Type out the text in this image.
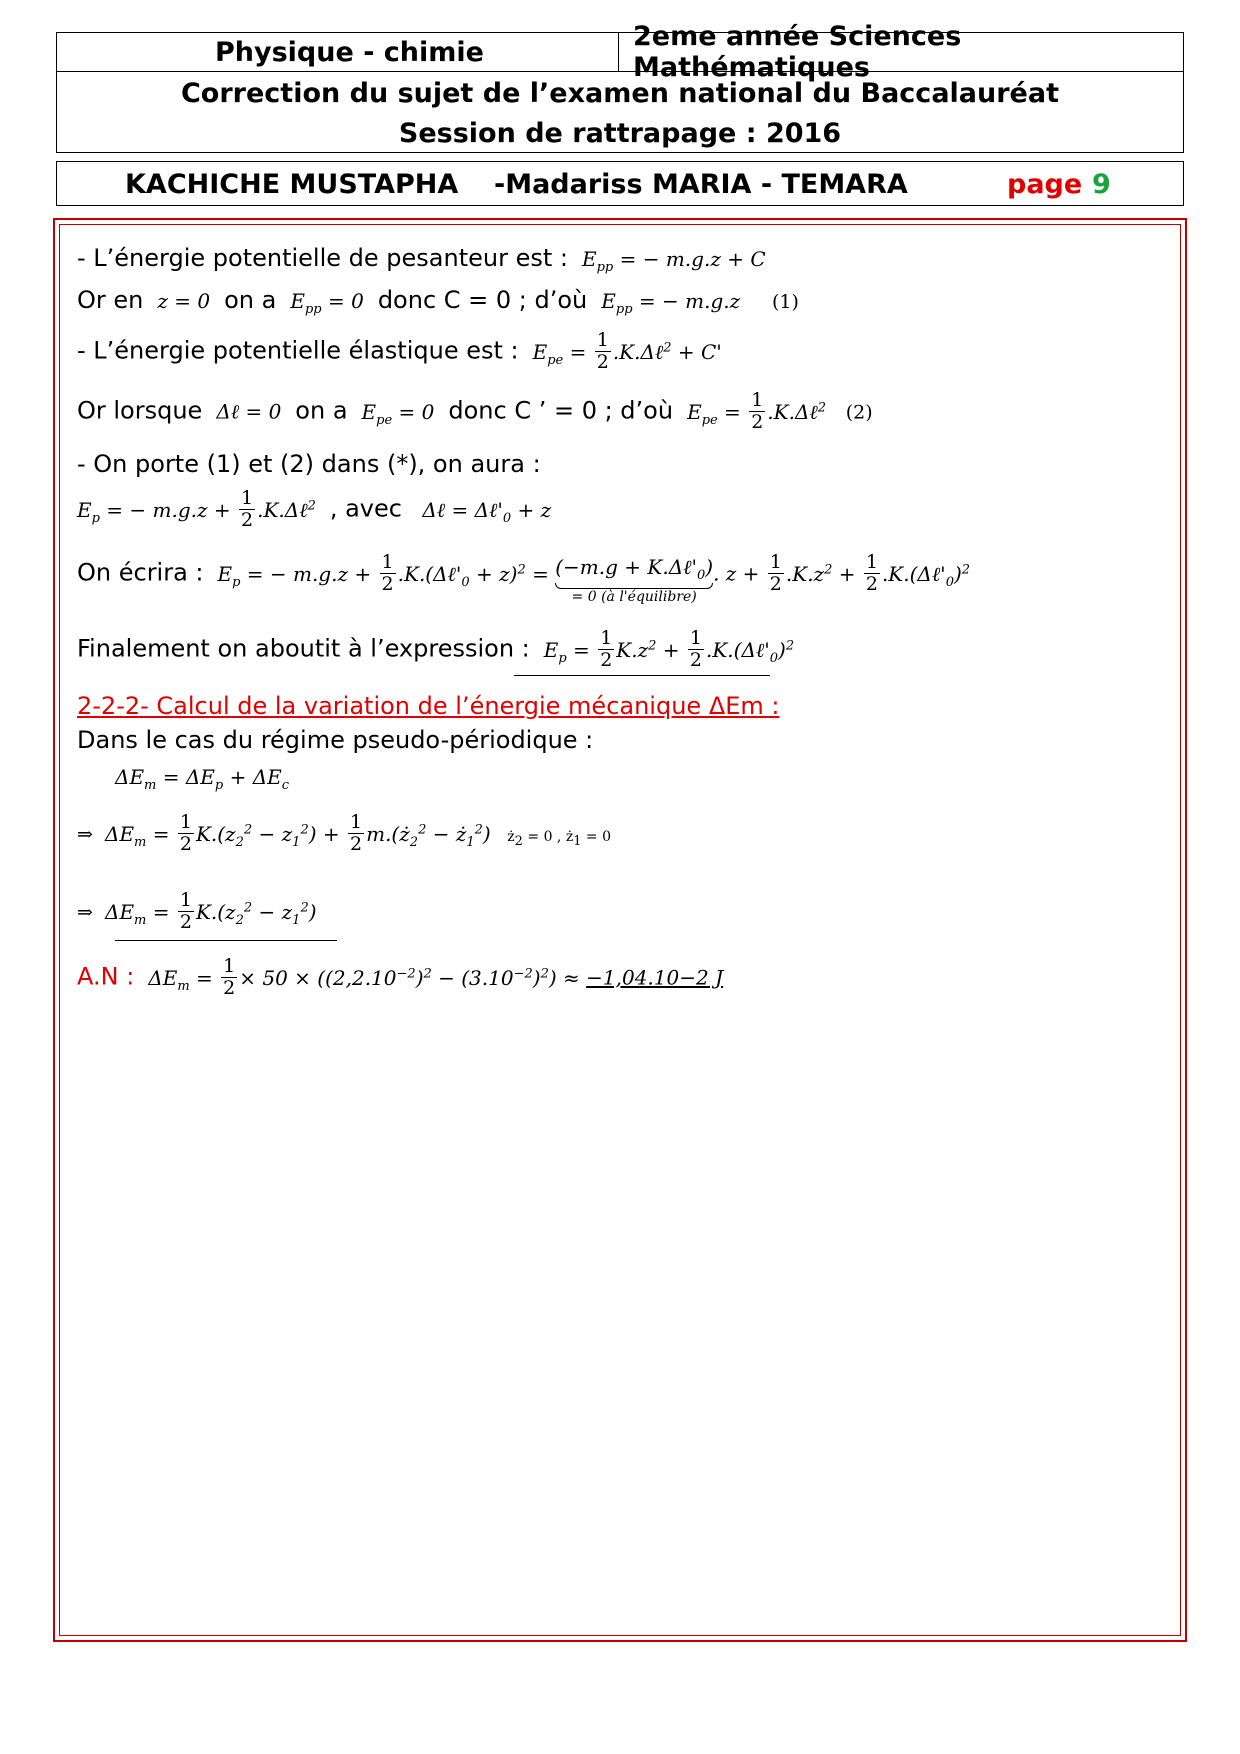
Physique - chimie	2eme année Sciences Mathématiques
Correction du sujet de l’examen national du Baccalauréat
Session de rattrapage : 2016
KACHICHE MUSTAPHA -Madariss MARIA - TEMARA	page 9
- L’énergie potentielle de pesanteur est :  $E_{pp}$ = − m.g.z + C
Or en  z = 0  on a  $E_{pp} = 0$  donc C = 0 ; d’où  $E_{pp}$ = − m.g.z     (1)
- L’énergie potentielle élastique est :  $E_{pe} = \frac{1}{2}$ .K.Δℓ$^2$ + C'
Or lorsque  Δℓ = 0  on a  $E_{pe} = 0$  donc C ’ = 0 ; d’où  $E_{pe} = \frac{1}{2}$ .K.Δℓ$^2$   (2)
- On porte (1) et (2) dans (*), on aura :
$E_p$ = − $m.g.z + \frac{1}{2}$ .K.Δℓ$^2$ , avec   Δℓ = $\Delta\ell'_0 + z$
On écrira :  $E_p$ = − $m.g.z + \frac{1}{2}$ $.K.(\Delta\ell'_0 + z)^2 = (-m.g$ + $K.\Delta\ell'_0$)
= 0 (à l'équilibre)
. $z + \frac{1}{2} .K.z^2 + \frac{1}{2}$ $.K.(\Delta\ell'_0)^2$
Finalement on aboutit à l’expression :  $E_p = \frac{1}{2} K.z^2 + \frac{1}{2}$ $.K.(\Delta\ell'_0)^2$
2-2-2- Calcul de la variation de l’énergie mécanique ΔEm :
Dans le cas du régime pseudo-périodique :
$\Delta E_m = \Delta E_p + \Delta E_c$
⇒  $\Delta E_m = \frac{1}{2} K.(z_2^2 - z_1^2) + \frac{1}{2}$ $m.(ż_2^2$ − $ż_1^2$)   $ż_2 = 0$ , $ż_1 = 0$
⇒  $\Delta E_m = \frac{1}{2} K.(z_2^2 - z_1^2)$
A.N :  $\Delta E_m = \frac{1}{2} \times 50 \times ((2,2.10^{-2})^2 - (3.10^{-2})^2) \approx -1,04.10-2$ J
